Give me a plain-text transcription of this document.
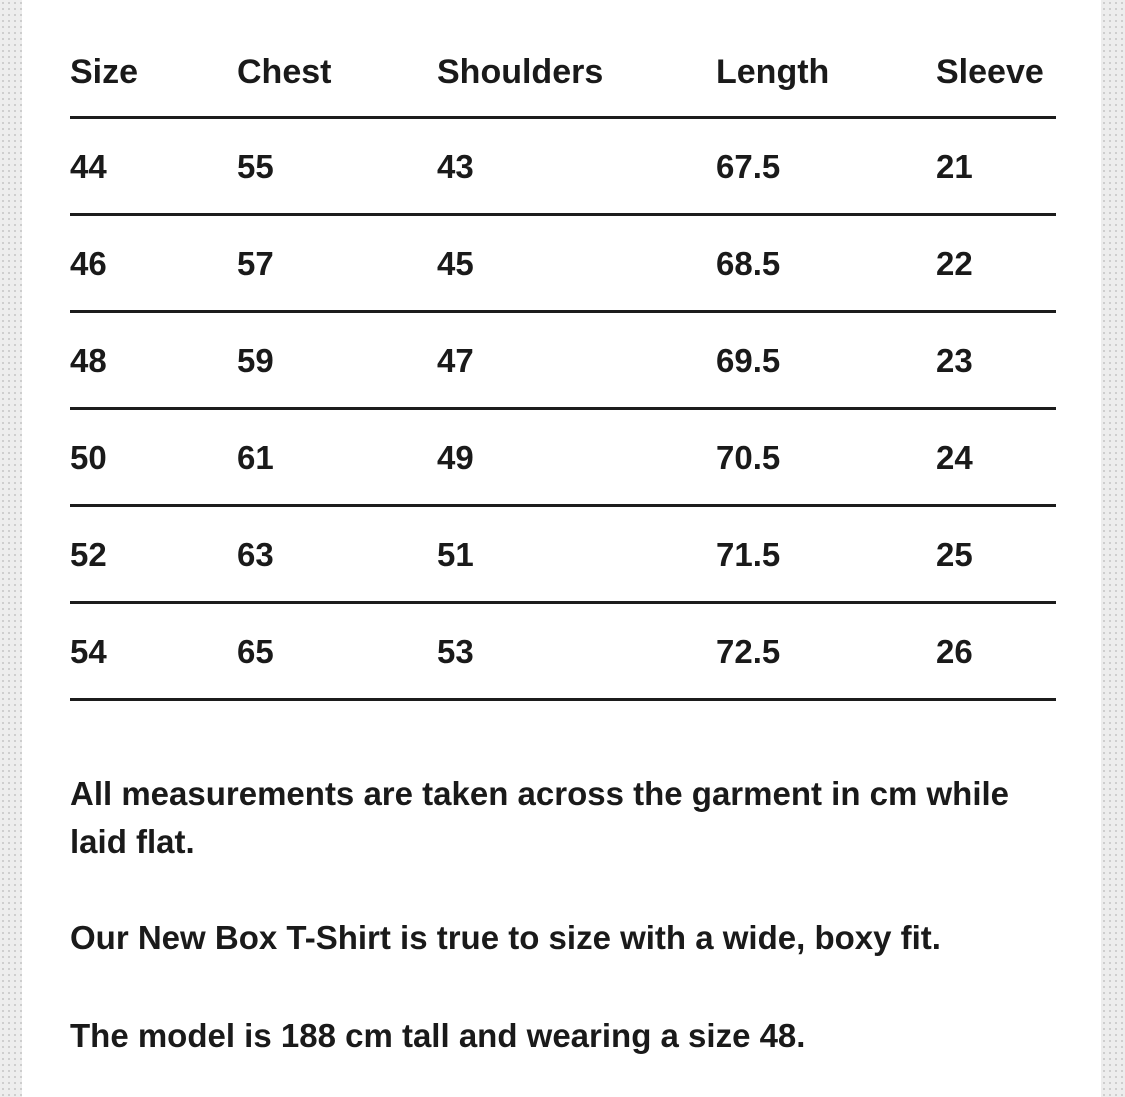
Size	Chest	Shoulders	Length	Sleeve
44	55	43	67.5	21
46	57	45	68.5	22
48	59	47	69.5	23
50	61	49	70.5	24
52	63	51	71.5	25
54	65	53	72.5	26

All measurements are taken across the garment in cm while laid flat.

Our New Box T-Shirt is true to size with a wide, boxy fit.

The model is 188 cm tall and wearing a size 48.
